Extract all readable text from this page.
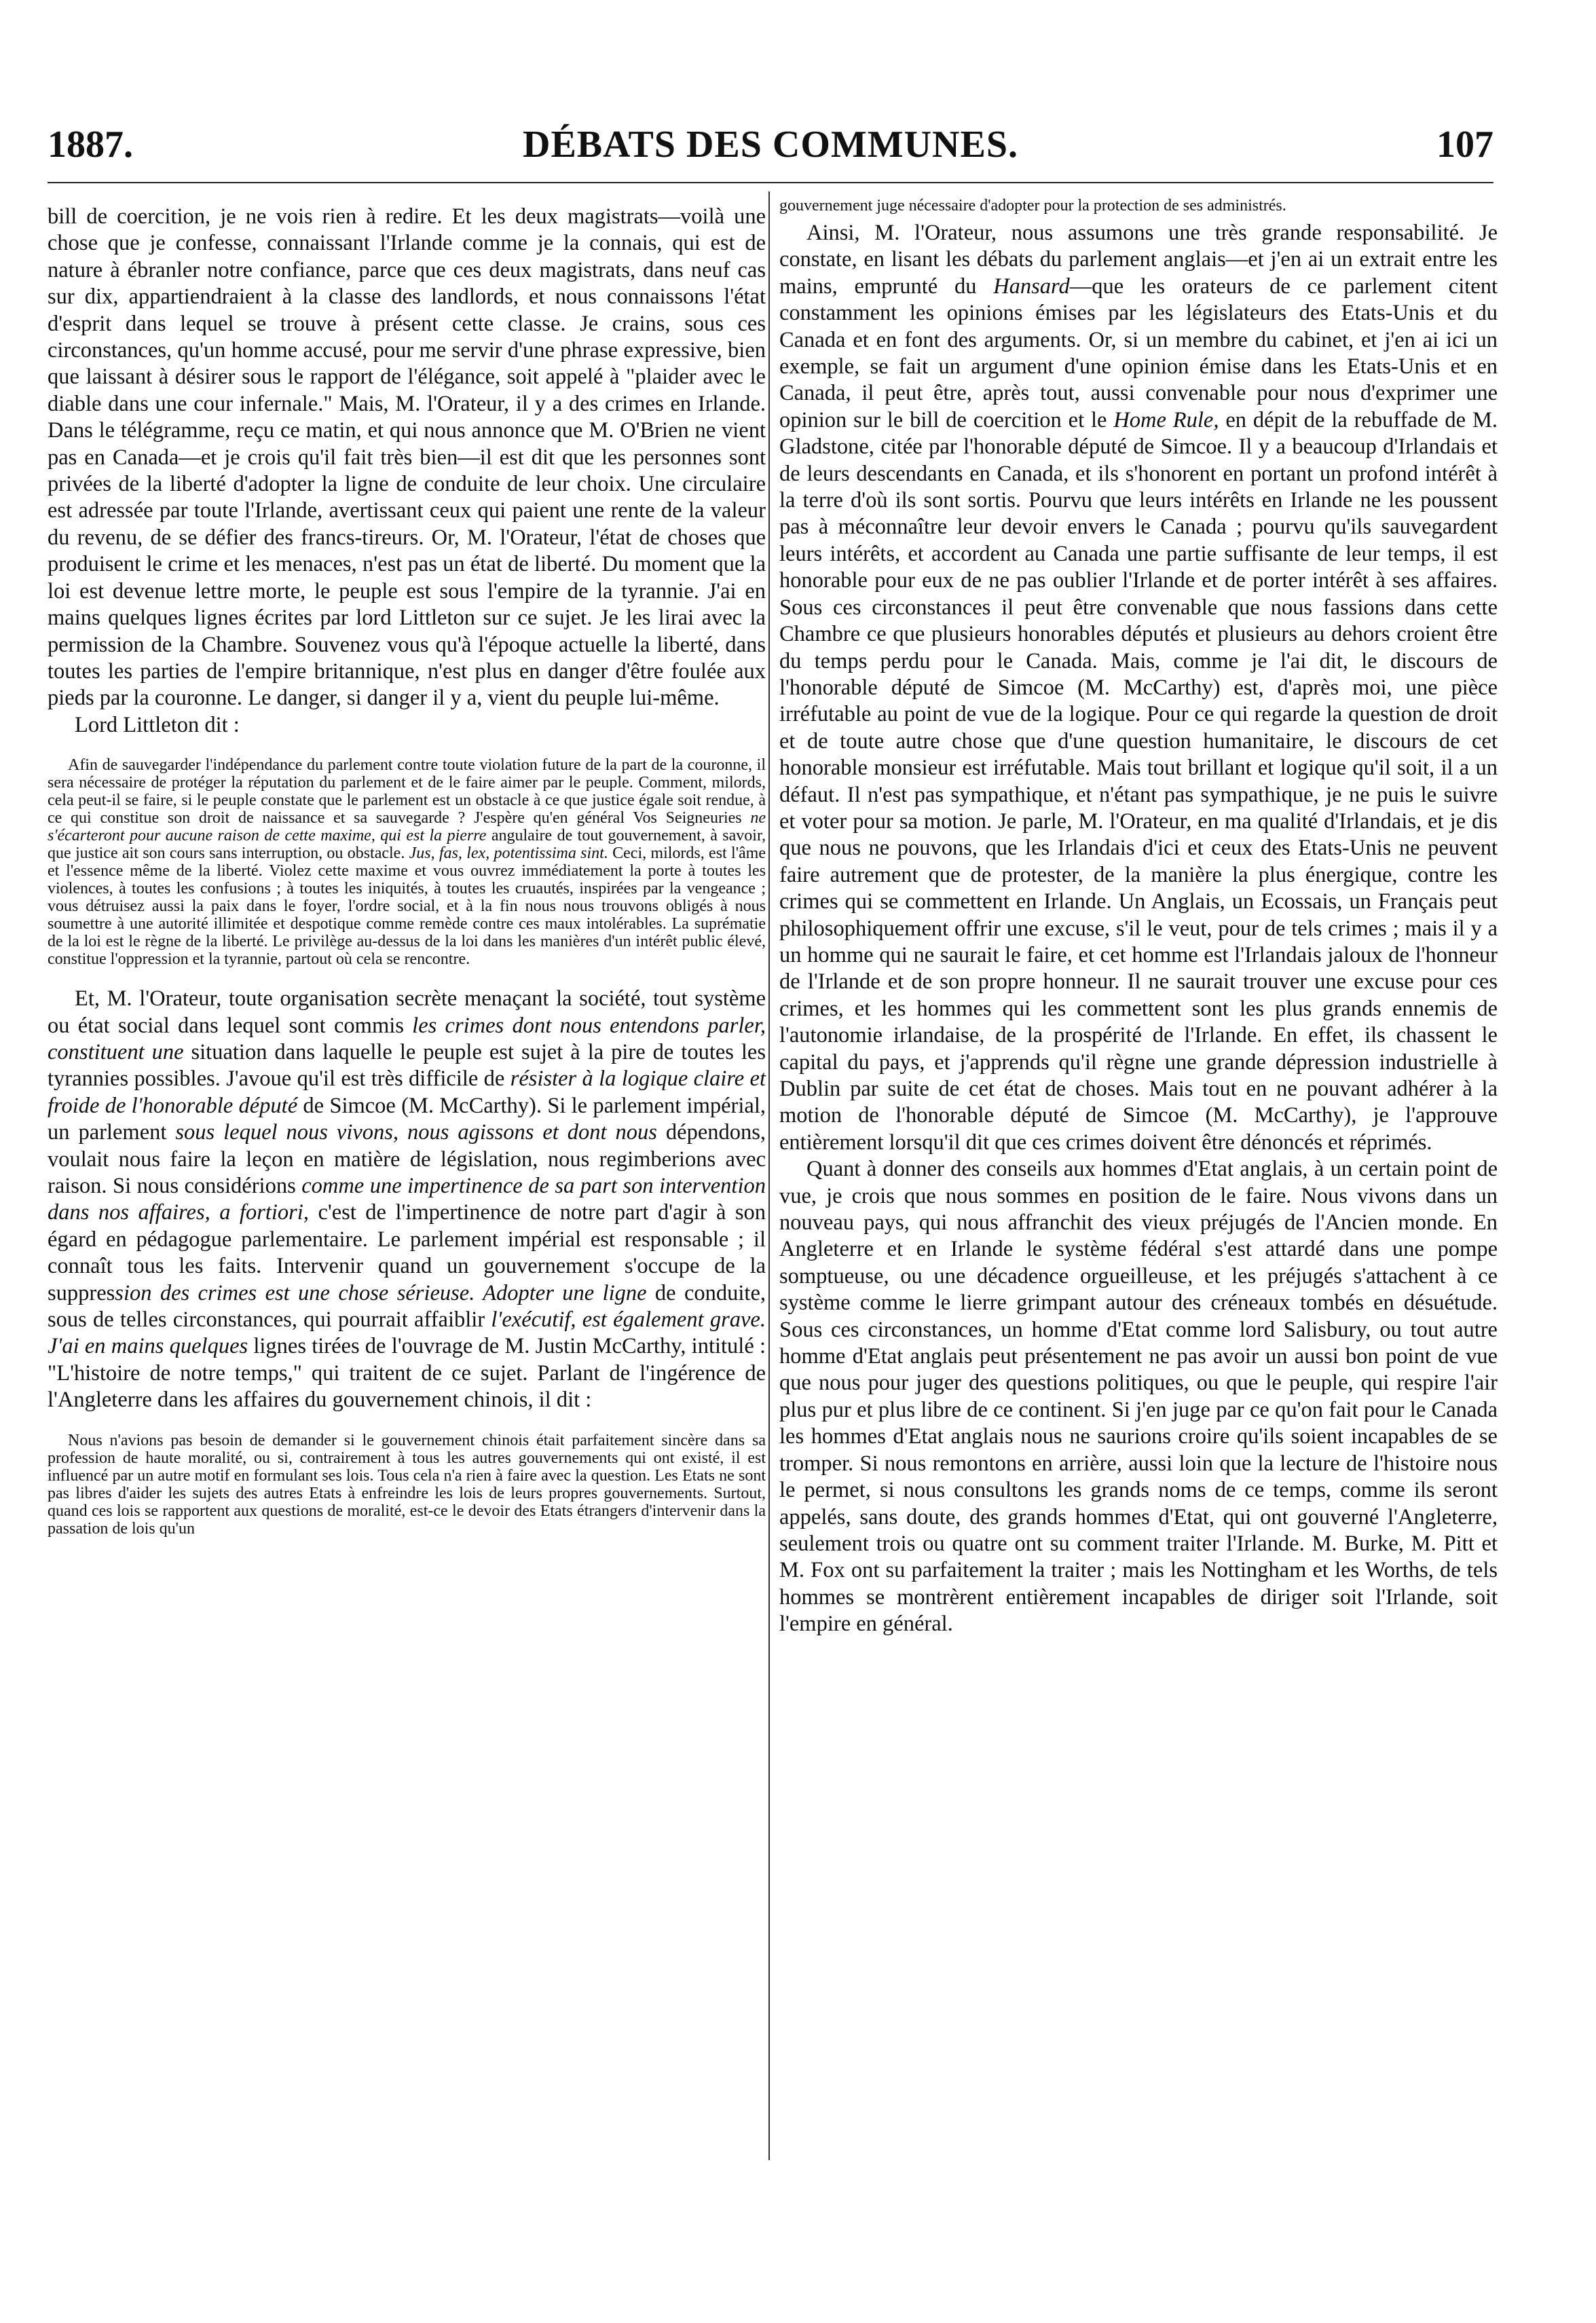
1887.	DÉBATS DES COMMUNES.	107

bill de coercition, je ne vois rien à redire. Et les deux magistrats—voilà une chose que je confesse, connaissant l'Irlande comme je la connais, qui est de nature à ébranler notre confiance, parce que ces deux magistrats, dans neuf cas sur dix, appartiendraient à la classe des landlords, et nous connaissons l'état d'esprit dans lequel se trouve à présent cette classe. Je crains, sous ces circonstances, qu'un homme accusé, pour me servir d'une phrase expressive, bien que laissant à désirer sous le rapport de l'élégance, soit appelé à "plaider avec le diable dans une cour infernale." Mais, M. l'Orateur, il y a des crimes en Irlande. Dans le télégramme, reçu ce matin, et qui nous annonce que M. O'Brien ne vient pas en Canada—et je crois qu'il fait très bien—il est dit que les personnes sont privées de la liberté d'adopter la ligne de conduite de leur choix. Une circulaire est adressée par toute l'Irlande, avertissant ceux qui paient une rente de la valeur du revenu, de se défier des francs-tireurs. Or, M. l'Orateur, l'état de choses que produisent le crime et les menaces, n'est pas un état de liberté. Du moment que la loi est devenue lettre morte, le peuple est sous l'empire de la tyrannie. J'ai en mains quelques lignes écrites par lord Littleton sur ce sujet. Je les lirai avec la permission de la Chambre. Souvenez vous qu'à l'époque actuelle la liberté, dans toutes les parties de l'empire britannique, n'est plus en danger d'être foulée aux pieds par la couronne. Le danger, si danger il y a, vient du peuple lui-même.

Lord Littleton dit :

Afin de sauvegarder l'indépendance du parlement contre toute violation future de la part de la couronne, il sera nécessaire de protéger la réputation du parlement et de le faire aimer par le peuple. Comment, milords, cela peut-il se faire, si le peuple constate que le parlement est un obstacle à ce que justice égale soit rendue, à ce qui constitue son droit de naissance et sa sauvegarde ? J'espère qu'en général Vos Seigneuries ne s'écarteront pour aucune raison de cette maxime, qui est la pierre angulaire de tout gouvernement, à savoir, que justice ait son cours sans interruption, ou obstacle. Jus, fas, lex, potentissima sint. Ceci, milords, est l'âme et l'essence même de la liberté. Violez cette maxime et vous ouvrez immédiatement la porte à toutes les violences, à toutes les confusions ; à toutes les iniquités, à toutes les cruautés, inspirées par la vengeance ; vous détruisez aussi la paix dans le foyer, l'ordre social, et à la fin nous nous trouvons obligés à nous soumettre à une autorité illimitée et despotique comme remède contre ces maux intolérables. La suprématie de la loi est le règne de la liberté. Le privilège au-dessus de la loi dans les manières d'un intérêt public élevé, constitue l'oppression et la tyrannie, partout où cela se rencontre.

Et, M. l'Orateur, toute organisation secrète menaçant la société, tout système ou état social dans lequel sont commis les crimes dont nous entendons parler, constituent une situation dans laquelle le peuple est sujet à la pire de toutes les tyrannies possibles. J'avoue qu'il est très difficile de résister à la logique claire et froide de l'honorable député de Simcoe (M. McCarthy). Si le parlement impérial, un parlement sous lequel nous vivons, nous agissons et dont nous dépendons, voulait nous faire la leçon en matière de législation, nous regimberions avec raison. Si nous considérions comme une impertinence de sa part son intervention dans nos affaires, a fortiori, c'est de l'impertinence de notre part d'agir à son égard en pédagogue parlementaire. Le parlement impérial est responsable ; il connaît tous les faits. Intervenir quand un gouvernement s'occupe de la suppression des crimes est une chose sérieuse. Adopter une ligne de conduite, sous de telles circonstances, qui pourrait affaiblir l'exécutif, est également grave. J'ai en mains quelques lignes tirées de l'ouvrage de M. Justin McCarthy, intitulé : "L'histoire de notre temps," qui traitent de ce sujet. Parlant de l'ingérence de l'Angleterre dans les affaires du gouvernement chinois, il dit :

Nous n'avions pas besoin de demander si le gouvernement chinois était parfaitement sincère dans sa profession de haute moralité, ou si, contrairement à tous les autres gouvernements qui ont existé, il est influencé par un autre motif en formulant ses lois. Tous cela n'a rien à faire avec la question. Les Etats ne sont pas libres d'aider les sujets des autres Etats à enfreindre les lois de leurs propres gouvernements. Surtout, quand ces lois se rapportent aux questions de moralité, est-ce le devoir des Etats étrangers d'intervenir dans la passation de lois qu'un

gouvernement juge nécessaire d'adopter pour la protection de ses administrés.

Ainsi, M. l'Orateur, nous assumons une très grande responsabilité. Je constate, en lisant les débats du parlement anglais—et j'en ai un extrait entre les mains, emprunté du Hansard—que les orateurs de ce parlement citent constamment les opinions émises par les législateurs des Etats-Unis et du Canada et en font des arguments. Or, si un membre du cabinet, et j'en ai ici un exemple, se fait un argument d'une opinion émise dans les Etats-Unis et en Canada, il peut être, après tout, aussi convenable pour nous d'exprimer une opinion sur le bill de coercition et le Home Rule, en dépit de la rebuffade de M. Gladstone, citée par l'honorable député de Simcoe. Il y a beaucoup d'Irlandais et de leurs descendants en Canada, et ils s'honorent en portant un profond intérêt à la terre d'où ils sont sortis. Pourvu que leurs intérêts en Irlande ne les poussent pas à méconnaître leur devoir envers le Canada ; pourvu qu'ils sauvegardent leurs intérêts, et accordent au Canada une partie suffisante de leur temps, il est honorable pour eux de ne pas oublier l'Irlande et de porter intérêt à ses affaires. Sous ces circonstances il peut être convenable que nous fassions dans cette Chambre ce que plusieurs honorables députés et plusieurs au dehors croient être du temps perdu pour le Canada. Mais, comme je l'ai dit, le discours de l'honorable député de Simcoe (M. McCarthy) est, d'après moi, une pièce irréfutable au point de vue de la logique. Pour ce qui regarde la question de droit et de toute autre chose que d'une question humanitaire, le discours de cet honorable monsieur est irréfutable. Mais tout brillant et logique qu'il soit, il a un défaut. Il n'est pas sympathique, et n'étant pas sympathique, je ne puis le suivre et voter pour sa motion. Je parle, M. l'Orateur, en ma qualité d'Irlandais, et je dis que nous ne pouvons, que les Irlandais d'ici et ceux des Etats-Unis ne peuvent faire autrement que de protester, de la manière la plus énergique, contre les crimes qui se commettent en Irlande. Un Anglais, un Ecossais, un Français peut philosophiquement offrir une excuse, s'il le veut, pour de tels crimes ; mais il y a un homme qui ne saurait le faire, et cet homme est l'Irlandais jaloux de l'honneur de l'Irlande et de son propre honneur. Il ne saurait trouver une excuse pour ces crimes, et les hommes qui les commettent sont les plus grands ennemis de l'autonomie irlandaise, de la prospérité de l'Irlande. En effet, ils chassent le capital du pays, et j'apprends qu'il règne une grande dépression industrielle à Dublin par suite de cet état de choses. Mais tout en ne pouvant adhérer à la motion de l'honorable député de Simcoe (M. McCarthy), je l'approuve entièrement lorsqu'il dit que ces crimes doivent être dénoncés et réprimés.

Quant à donner des conseils aux hommes d'Etat anglais, à un certain point de vue, je crois que nous sommes en position de le faire. Nous vivons dans un nouveau pays, qui nous affranchit des vieux préjugés de l'Ancien monde. En Angleterre et en Irlande le système fédéral s'est attardé dans une pompe somptueuse, ou une décadence orgueilleuse, et les préjugés s'attachent à ce système comme le lierre grimpant autour des créneaux tombés en désuétude. Sous ces circonstances, un homme d'Etat comme lord Salisbury, ou tout autre homme d'Etat anglais peut présentement ne pas avoir un aussi bon point de vue que nous pour juger des questions politiques, ou que le peuple, qui respire l'air plus pur et plus libre de ce continent. Si j'en juge par ce qu'on fait pour le Canada les hommes d'Etat anglais nous ne saurions croire qu'ils soient incapables de se tromper. Si nous remontons en arrière, aussi loin que la lecture de l'histoire nous le permet, si nous consultons les grands noms de ce temps, comme ils seront appelés, sans doute, des grands hommes d'Etat, qui ont gouverné l'Angleterre, seulement trois ou quatre ont su comment traiter l'Irlande. M. Burke, M. Pitt et M. Fox ont su parfaitement la traiter ; mais les Nottingham et les Worths, de tels hommes se montrèrent entièrement incapables de diriger soit l'Irlande, soit l'empire en général.
